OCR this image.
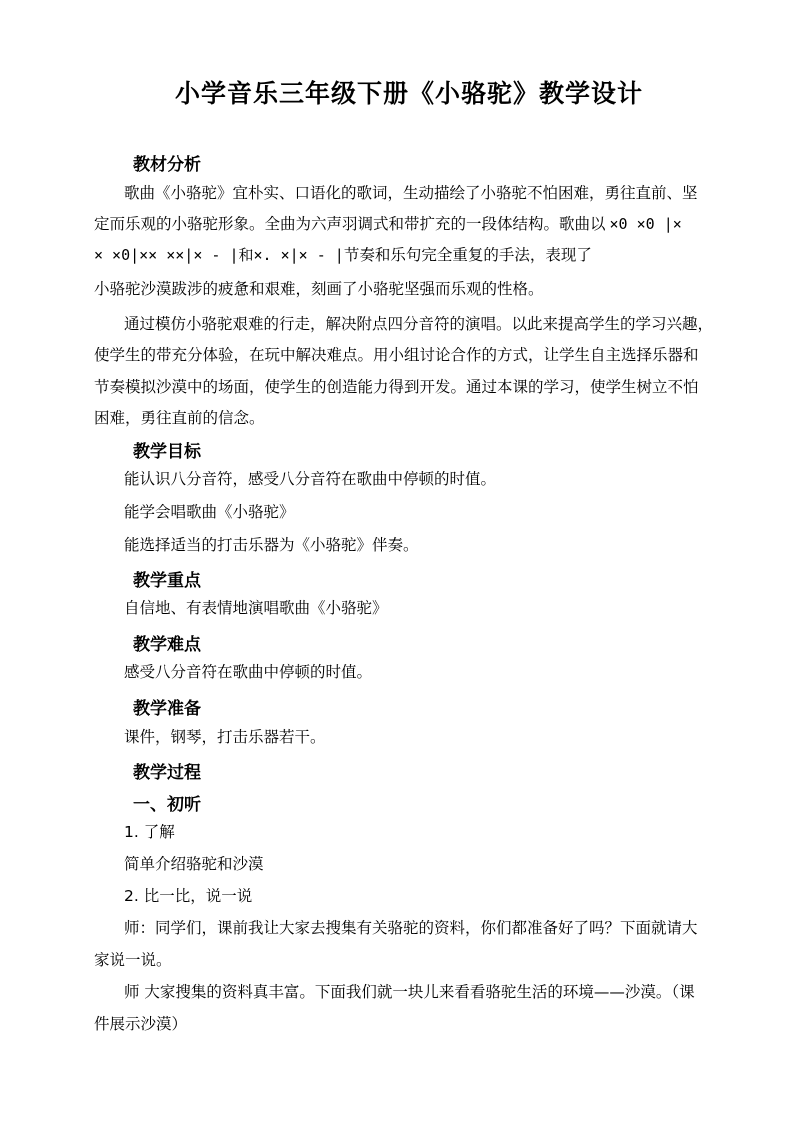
小学音乐三年级下册《小骆驼》教学设计
教材分析
歌曲《小骆驼》宜朴实、口语化的歌词，生动描绘了小骆驼不怕困难，勇往直前、坚
定而乐观的小骆驼形象。全曲为六声羽调式和带扩充的一段体结构。歌曲以 ×0 ×0 |×
× ×0|×× ××|× - |和×. ×|× - |节奏和乐句完全重复的手法，表现了
小骆驼沙漠跋涉的疲惫和艰难，刻画了小骆驼坚强而乐观的性格。
通过模仿小骆驼艰难的行走，解决附点四分音符的演唱。以此来提高学生的学习兴趣，
使学生的带充分体验，在玩中解决难点。用小组讨论合作的方式，让学生自主选择乐器和
节奏模拟沙漠中的场面，使学生的创造能力得到开发。通过本课的学习，使学生树立不怕
困难，勇往直前的信念。
教学目标
能认识八分音符，感受八分音符在歌曲中停顿的时值。
能学会唱歌曲《小骆驼》
能选择适当的打击乐器为《小骆驼》伴奏。
教学重点
自信地、有表情地演唱歌曲《小骆驼》
教学难点
感受八分音符在歌曲中停顿的时值。
教学准备
课件，钢琴，打击乐器若干。
教学过程
一、初听
1. 了解
简单介绍骆驼和沙漠
2. 比一比，说一说
师：同学们，课前我让大家去搜集有关骆驼的资料，你们都准备好了吗？下面就请大
家说一说。
师 大家搜集的资料真丰富。下面我们就一块儿来看看骆驼生活的环境——沙漠。（课
件展示沙漠）
